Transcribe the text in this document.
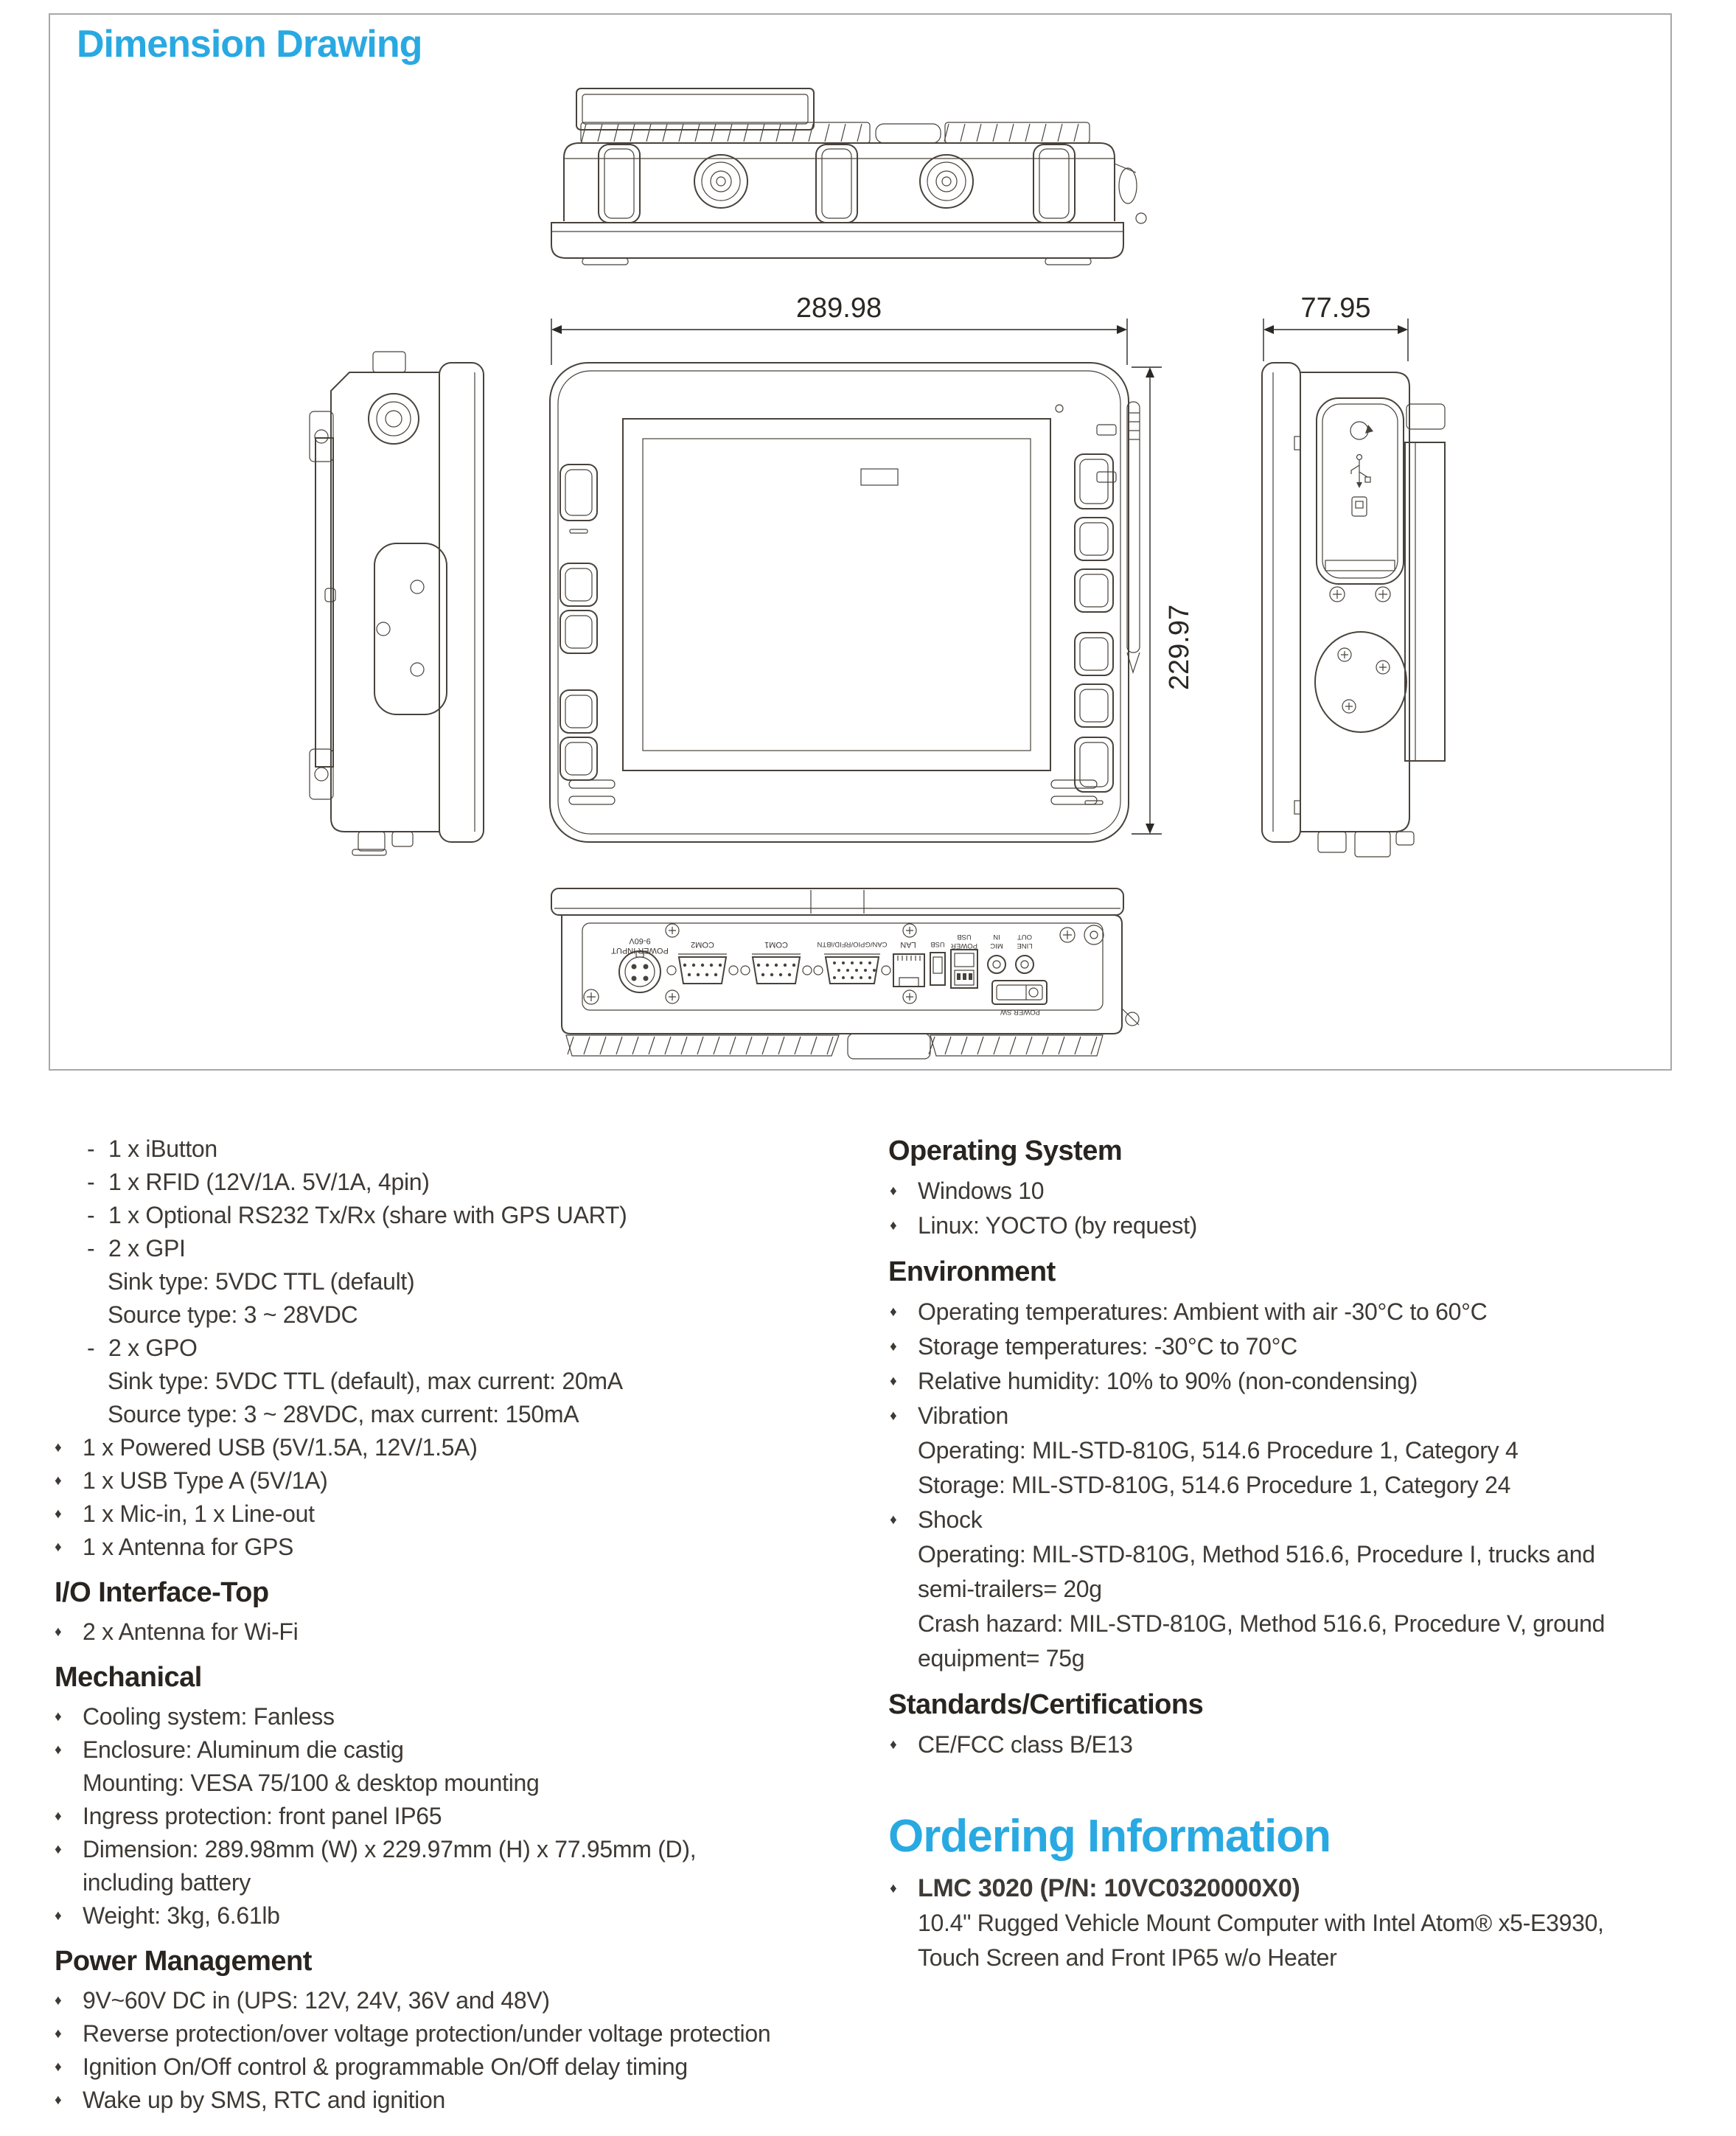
Dimension Drawing
POWER INPUT
9-60V	COM2	COM1	CAN/GPIO/RFID/iBTN LAN USB POWER
USB
MIC
IN
LINE
OUT
POWER SW
289.98	77.95
229.97
- 1 x iButton
- 1 x RFID (12V/1A. 5V/1A, 4pin)
- 1 x Optional RS232 Tx/Rx (share with GPS UART)
- 2 x GPI
Sink type: 5VDC TTL (default)
Source type: 3 ~ 28VDC
- 2 x GPO
Sink type: 5VDC TTL (default), max current: 20mA
Source type: 3 ~ 28VDC, max current: 150mA
♦ 1 x Powered USB (5V/1.5A, 12V/1.5A)
♦ 1 x USB Type A (5V/1A)
♦ 1 x Mic-in, 1 x Line-out
♦ 1 x Antenna for GPS
I/O Interface-Top
♦ 2 x Antenna for Wi-Fi
Mechanical
♦ Cooling system: Fanless
♦ Enclosure: Aluminum die castig
Mounting: VESA 75/100 & desktop mounting
♦ Ingress protection: front panel IP65
♦ Dimension: 289.98mm (W) x 229.97mm (H) x 77.95mm (D),
including battery
♦ Weight: 3kg, 6.61lb
Power Management
♦ 9V~60V DC in (UPS: 12V, 24V, 36V and 48V)
♦ Reverse protection/over voltage protection/under voltage protection
♦ Ignition On/Off control & programmable On/Off delay timing
♦ Wake up by SMS, RTC and ignition
Operating System
♦ Windows 10
♦ Linux: YOCTO (by request)
Environment
♦ Operating temperatures: Ambient with air -30°C to 60°C
♦ Storage temperatures: -30°C to 70°C
♦ Relative humidity: 10% to 90% (non-condensing)
♦ Vibration
Operating: MIL-STD-810G, 514.6 Procedure 1, Category 4
Storage: MIL-STD-810G, 514.6 Procedure 1, Category 24
♦ Shock
Operating: MIL-STD-810G, Method 516.6, Procedure I, trucks and
semi-trailers= 20g
Crash hazard: MIL-STD-810G, Method 516.6, Procedure V, ground
equipment= 75g
Standards/Certifications
♦ CE/FCC class B/E13
Ordering Information
♦ LMC 3020 (P/N: 10VC0320000X0)
10.4" Rugged Vehicle Mount Computer with Intel Atom® x5-E3930,
Touch Screen and Front IP65 w/o Heater
